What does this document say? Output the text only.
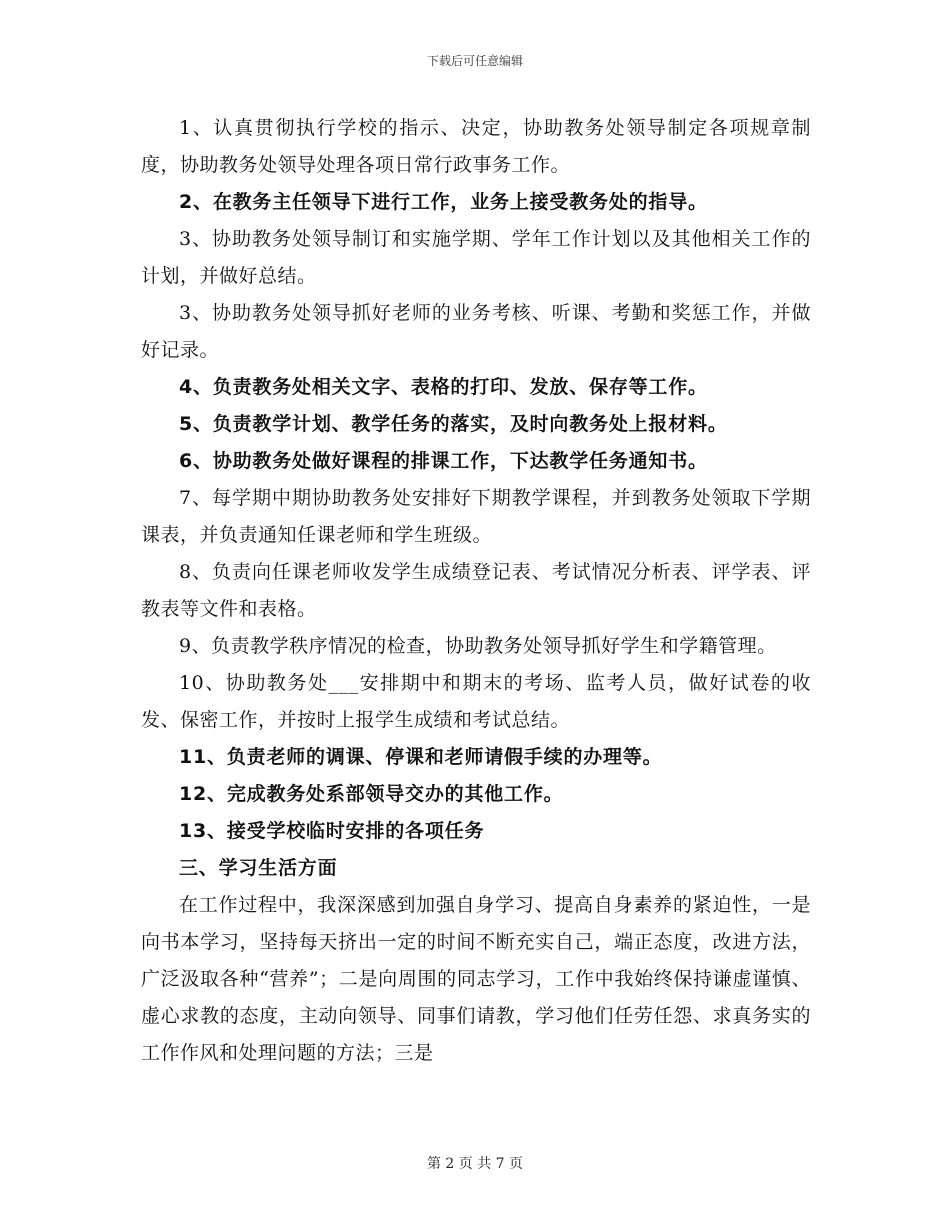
下载后可任意编辑

1、认真贯彻执行学校的指示、决定，协助教务处领导制定各项规章制度，协助教务处领导处理各项日常行政事务工作。

2、在教务主任领导下进行工作，业务上接受教务处的指导。

3、协助教务处领导制订和实施学期、学年工作计划以及其他相关工作的计划，并做好总结。

3、协助教务处领导抓好老师的业务考核、听课、考勤和奖惩工作，并做好记录。

4、负责教务处相关文字、表格的打印、发放、保存等工作。

5、负责教学计划、教学任务的落实，及时向教务处上报材料。

6、协助教务处做好课程的排课工作，下达教学任务通知书。

7、每学期中期协助教务处安排好下期教学课程，并到教务处领取下学期课表，并负责通知任课老师和学生班级。

8、负责向任课老师收发学生成绩登记表、考试情况分析表、评学表、评教表等文件和表格。

9、负责教学秩序情况的检查，协助教务处领导抓好学生和学籍管理。

10、协助教务处___安排期中和期末的考场、监考人员，做好试卷的收发、保密工作，并按时上报学生成绩和考试总结。

11、负责老师的调课、停课和老师请假手续的办理等。

12、完成教务处系部领导交办的其他工作。

13、接受学校临时安排的各项任务

三、学习生活方面

在工作过程中，我深深感到加强自身学习、提高自身素养的紧迫性，一是向书本学习，坚持每天挤出一定的时间不断充实自己，端正态度，改进方法，广泛汲取各种“营养”；二是向周围的同志学习，工作中我始终保持谦虚谨慎、虚心求教的态度，主动向领导、同事们请教，学习他们任劳任怨、求真务实的工作作风和处理问题的方法；三是

第 2 页 共 7 页
